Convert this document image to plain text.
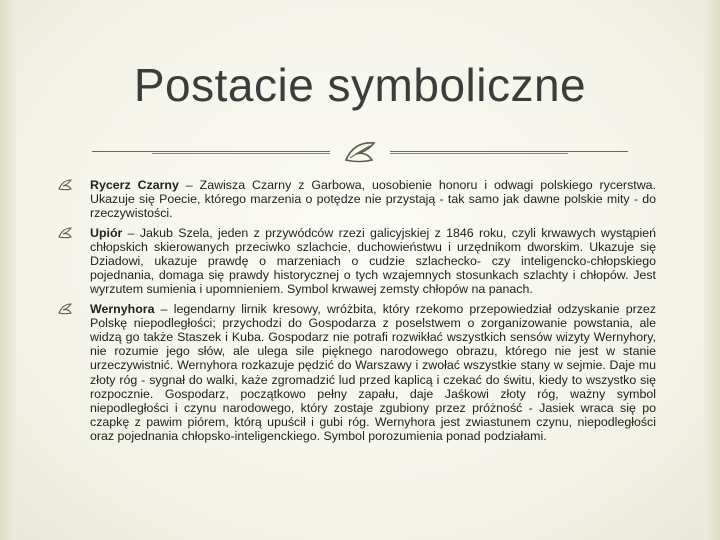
Postacie symboliczne
Rycerz Czarny – Zawisza Czarny z Garbowa, uosobienie honoru i odwagi polskiego rycerstwa. Ukazuje się Poecie, którego marzenia o potędze nie przystają - tak samo jak dawne polskie mity - do rzeczywistości.
Upiór – Jakub Szela, jeden z przywódców rzezi galicyjskiej z 1846 roku, czyli krwawych wystąpień chłopskich skierowanych przeciwko szlachcie, duchowieństwu i urzędnikom dworskim. Ukazuje się Dziadowi, ukazuje prawdę o marzeniach o cudzie szlachecko- czy inteligencko-chłopskiego pojednania, domaga się prawdy historycznej o tych wzajemnych stosunkach szlachty i chłopów. Jest wyrzutem sumienia i upomnieniem. Symbol krwawej zemsty chłopów na panach.
Wernyhora – legendarny lirnik kresowy, wróżbita, który rzekomo przepowiedział odzyskanie przez Polskę niepodległości; przychodzi do Gospodarza z poselstwem o zorganizowanie powstania, ale widzą go także Staszek i Kuba. Gospodarz nie potrafi rozwikłać wszystkich sensów wizyty Wernyhory, nie rozumie jego słów, ale ulega sile pięknego narodowego obrazu, którego nie jest w stanie urzeczywistnić. Wernyhora rozkazuje pędzić do Warszawy i zwołać wszystkie stany w sejmie. Daje mu złoty róg - sygnał do walki, każe zgromadzić lud przed kaplicą i czekać do świtu, kiedy to wszystko się rozpocznie. Gospodarz, początkowo pełny zapału, daje Jaśkowi złoty róg, ważny symbol niepodległości i czynu narodowego, który zostaje zgubiony przez próżność - Jasiek wraca się po czapkę z pawim piórem, którą upuścił i gubi róg. Wernyhora jest zwiastunem czynu, niepodległości oraz pojednania chłopsko-inteligenckiego. Symbol porozumienia ponad podziałami.
